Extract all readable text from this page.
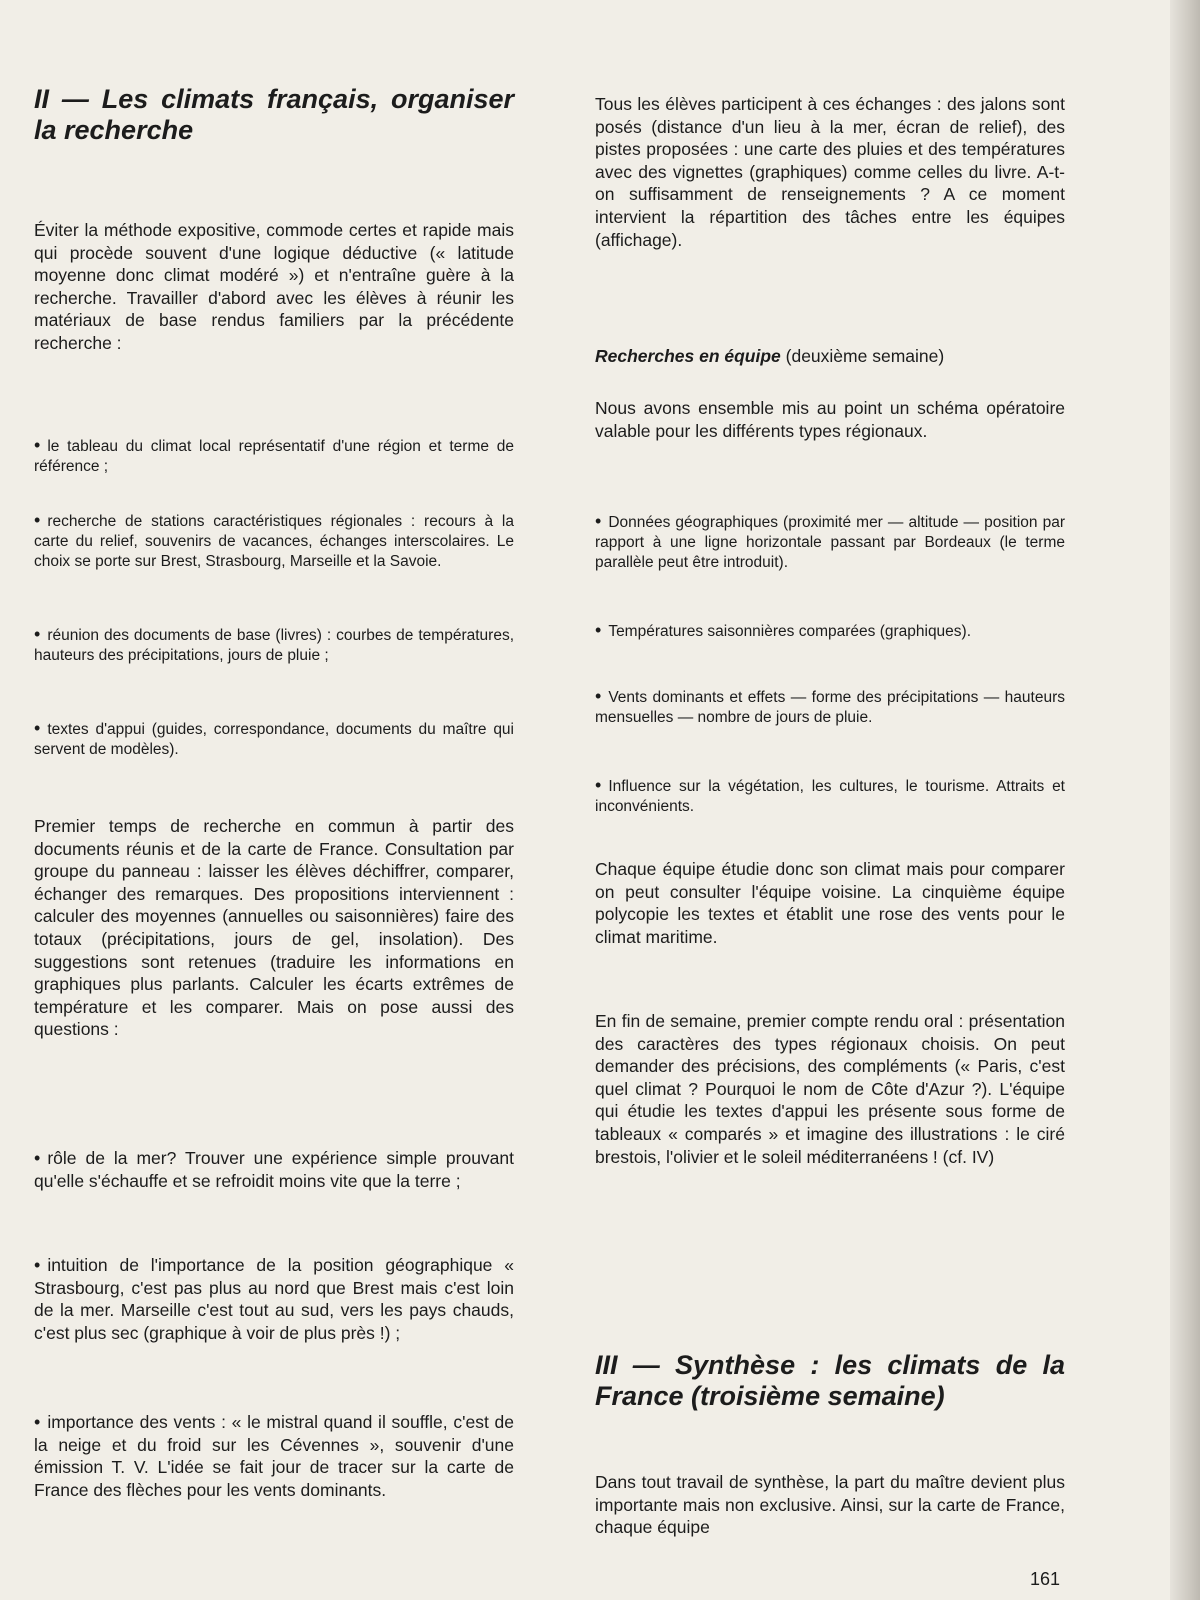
II — Les climats français, organiser la recherche

Éviter la méthode expositive, commode certes et rapide mais qui procède souvent d'une logique déductive (« latitude moyenne donc climat modéré ») et n'entraîne guère à la recherche. Travailler d'abord avec les élèves à réunir les matériaux de base rendus familiers par la précédente recherche :

• le tableau du climat local représentatif d'une région et terme de référence ;

• recherche de stations caractéristiques régionales : recours à la carte du relief, souvenirs de vacances, échanges interscolaires. Le choix se porte sur Brest, Strasbourg, Marseille et la Savoie.

• réunion des documents de base (livres) : courbes de températures, hauteurs des précipitations, jours de pluie ;

• textes d'appui (guides, correspondance, documents du maître qui servent de modèles).

Premier temps de recherche en commun à partir des documents réunis et de la carte de France. Consultation par groupe du panneau : laisser les élèves déchiffrer, comparer, échanger des remarques. Des propositions interviennent : calculer des moyennes (annuelles ou saisonnières) faire des totaux (précipitations, jours de gel, insolation). Des suggestions sont retenues (traduire les informations en graphiques plus parlants. Calculer les écarts extrêmes de température et les comparer. Mais on pose aussi des questions :

• rôle de la mer? Trouver une expérience simple prouvant qu'elle s'échauffe et se refroidit moins vite que la terre ;

• intuition de l'importance de la position géographique « Strasbourg, c'est pas plus au nord que Brest mais c'est loin de la mer. Marseille c'est tout au sud, vers les pays chauds, c'est plus sec (graphique à voir de plus près !) ;

• importance des vents : « le mistral quand il souffle, c'est de la neige et du froid sur les Cévennes », souvenir d'une émission T. V. L'idée se fait jour de tracer sur la carte de France des flèches pour les vents dominants.

Tous les élèves participent à ces échanges : des jalons sont posés (distance d'un lieu à la mer, écran de relief), des pistes proposées : une carte des pluies et des températures avec des vignettes (graphiques) comme celles du livre. A-t-on suffisamment de renseignements ? A ce moment intervient la répartition des tâches entre les équipes (affichage).

Recherches en équipe (deuxième semaine)

Nous avons ensemble mis au point un schéma opératoire valable pour les différents types régionaux.

• Données géographiques (proximité mer — altitude — position par rapport à une ligne horizontale passant par Bordeaux (le terme parallèle peut être introduit).

• Températures saisonnières comparées (graphiques).

• Vents dominants et effets — forme des précipitations — hauteurs mensuelles — nombre de jours de pluie.

• Influence sur la végétation, les cultures, le tourisme. Attraits et inconvénients.

Chaque équipe étudie donc son climat mais pour comparer on peut consulter l'équipe voisine. La cinquième équipe polycopie les textes et établit une rose des vents pour le climat maritime.

En fin de semaine, premier compte rendu oral : présentation des caractères des types régionaux choisis. On peut demander des précisions, des compléments (« Paris, c'est quel climat ? Pourquoi le nom de Côte d'Azur ?). L'équipe qui étudie les textes d'appui les présente sous forme de tableaux « comparés » et imagine des illustrations : le ciré brestois, l'olivier et le soleil méditerranéens ! (cf. IV)

III — Synthèse : les climats de la France (troisième semaine)

Dans tout travail de synthèse, la part du maître devient plus importante mais non exclusive. Ainsi, sur la carte de France, chaque équipe

161
